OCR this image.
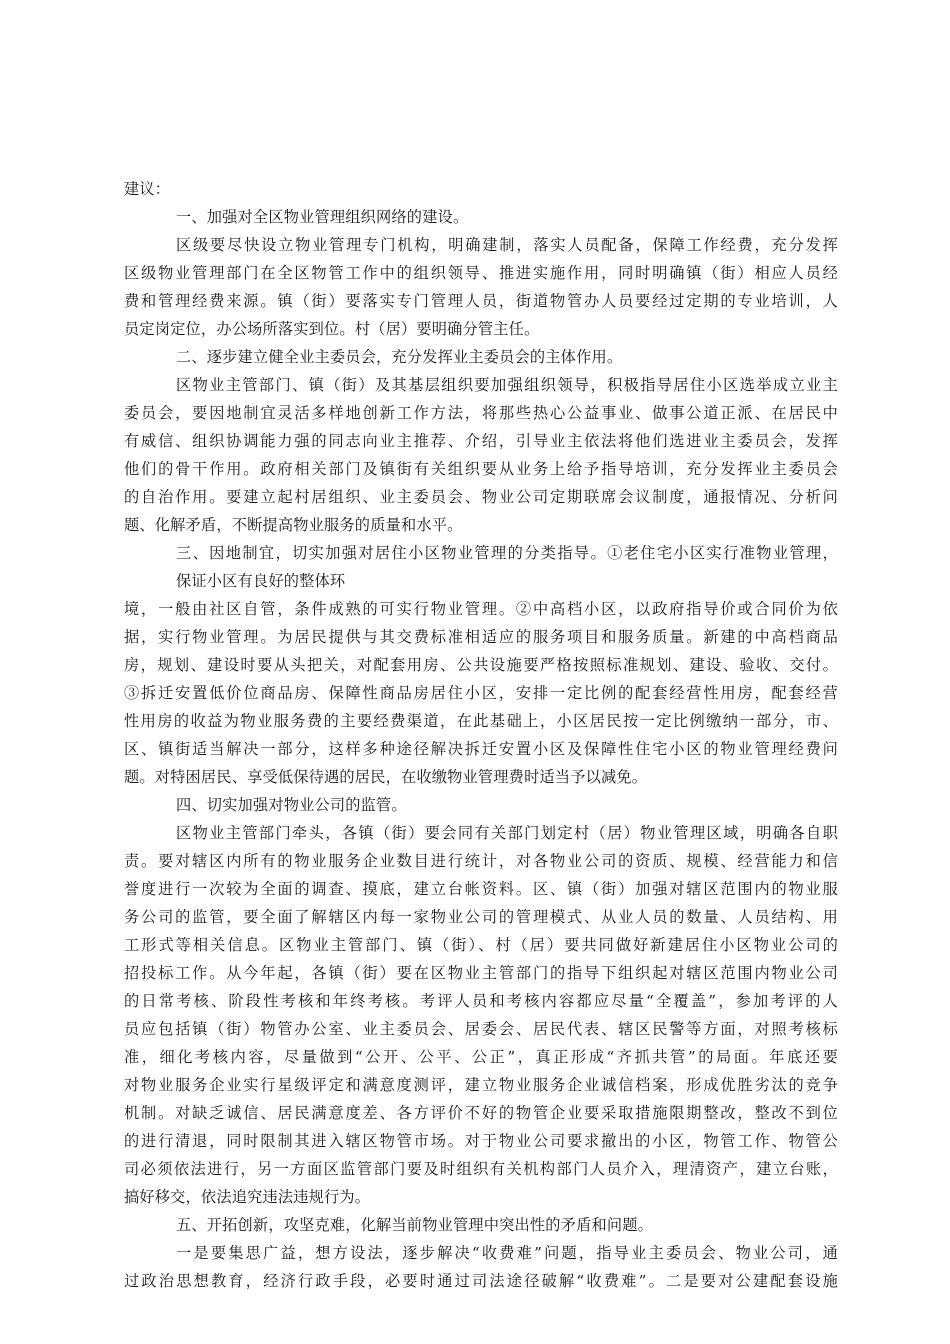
建议：
一、加强对全区物业管理组织网络的建设。
区级要尽快设立物业管理专门机构，明确建制，落实人员配备，保障工作经费，充分发挥
区级物业管理部门在全区物管工作中的组织领导、推进实施作用，同时明确镇（街）相应人员经
费和管理经费来源。镇（街）要落实专门管理人员，街道物管办人员要经过定期的专业培训，人
员定岗定位，办公场所落实到位。村（居）要明确分管主任。
二、逐步建立健全业主委员会，充分发挥业主委员会的主体作用。
区物业主管部门、镇（街）及其基层组织要加强组织领导，积极指导居住小区选举成立业主
委员会，要因地制宜灵活多样地创新工作方法，将那些热心公益事业、做事公道正派、在居民中
有威信、组织协调能力强的同志向业主推荐、介绍，引导业主依法将他们选进业主委员会，发挥
他们的骨干作用。政府相关部门及镇街有关组织要从业务上给予指导培训，充分发挥业主委员会
的自治作用。要建立起村居组织、业主委员会、物业公司定期联席会议制度，通报情况、分析问
题、化解矛盾，不断提高物业服务的质量和水平。
三、因地制宜，切实加强对居住小区物业管理的分类指导。①老住宅小区实行准物业管理，
保证小区有良好的整体环
境，一般由社区自管，条件成熟的可实行物业管理。②中高档小区，以政府指导价或合同价为依
据，实行物业管理。为居民提供与其交费标准相适应的服务项目和服务质量。新建的中高档商品
房，规划、建设时要从头把关，对配套用房、公共设施要严格按照标准规划、建设、验收、交付。
③拆迁安置低价位商品房、保障性商品房居住小区，安排一定比例的配套经营性用房，配套经营
性用房的收益为物业服务费的主要经费渠道，在此基础上，小区居民按一定比例缴纳一部分，市、
区、镇街适当解决一部分，这样多种途径解决拆迁安置小区及保障性住宅小区的物业管理经费问
题。对特困居民、享受低保待遇的居民，在收缴物业管理费时适当予以减免。
四、切实加强对物业公司的监管。
区物业主管部门牵头，各镇（街）要会同有关部门划定村（居）物业管理区域，明确各自职
责。要对辖区内所有的物业服务企业数目进行统计，对各物业公司的资质、规模、经营能力和信
誉度进行一次较为全面的调查、摸底，建立台帐资料。区、镇（街）加强对辖区范围内的物业服
务公司的监管，要全面了解辖区内每一家物业公司的管理模式、从业人员的数量、人员结构、用
工形式等相关信息。区物业主管部门、镇（街）、村（居）要共同做好新建居住小区物业公司的
招投标工作。从今年起，各镇（街）要在区物业主管部门的指导下组织起对辖区范围内物业公司
的日常考核、阶段性考核和年终考核。考评人员和考核内容都应尽量“全覆盖”，参加考评的人
员应包括镇（街）物管办公室、业主委员会、居委会、居民代表、辖区民警等方面，对照考核标
准，细化考核内容，尽量做到“公开、公平、公正”，真正形成“齐抓共管”的局面。年底还要
对物业服务企业实行星级评定和满意度测评，建立物业服务企业诚信档案，形成优胜劣汰的竞争
机制。对缺乏诚信、居民满意度差、各方评价不好的物管企业要采取措施限期整改，整改不到位
的进行清退，同时限制其进入辖区物管市场。对于物业公司要求撤出的小区，物管工作、物管公
司必须依法进行，另一方面区监管部门要及时组织有关机构部门人员介入，理清资产，建立台账，
搞好移交，依法追究违法违规行为。
五、开拓创新，攻坚克难，化解当前物业管理中突出性的矛盾和问题。
一是要集思广益，想方设法，逐步解决“收费难”问题，指导业主委员会、物业公司，通
过政治思想教育，经济行政手段，必要时通过司法途径破解“收费难”。二是要对公建配套设施
